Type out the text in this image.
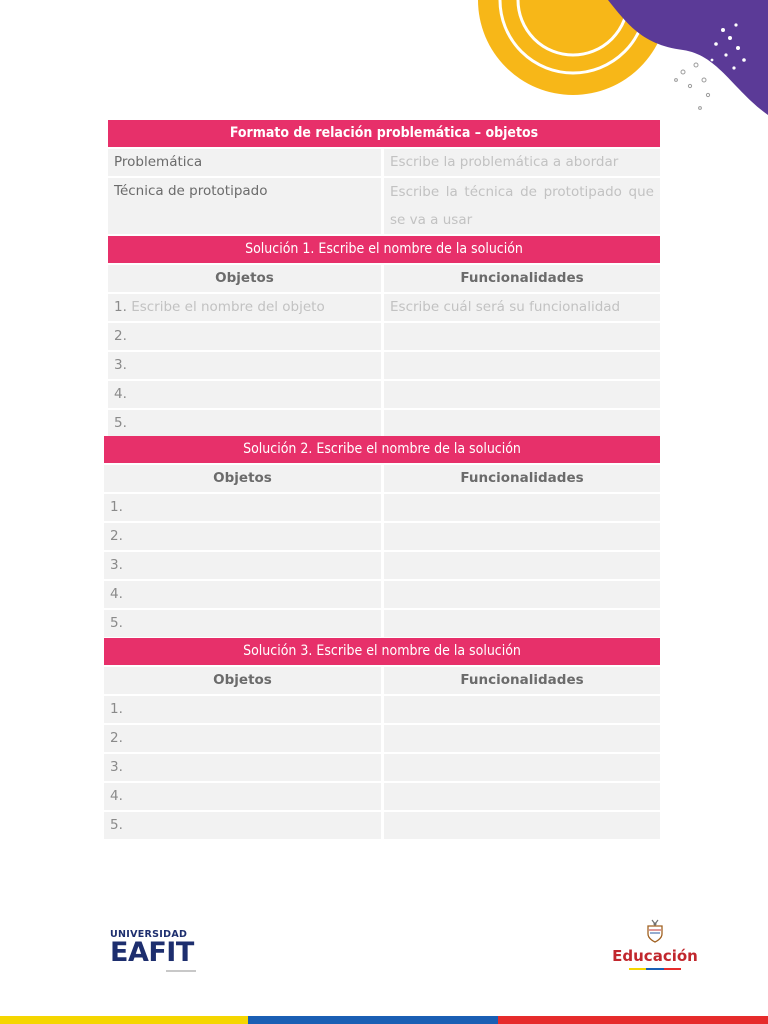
Formato de relación problemática – objetos
Problemática	Escribe la problemática a abordar
Técnica de prototipado	Escribe la técnica de prototipado que
se va a usar
Solución 1. Escribe el nombre de la solución
Objetos	Funcionalidades
1. Escribe el nombre del objeto	Escribe cuál será su funcionalidad
2.
3.
4.
5.
Solución 2. Escribe el nombre de la solución
Objetos	Funcionalidades
1.
2.
3.
4.
5.
Solución 3. Escribe el nombre de la solución
Objetos	Funcionalidades
1.
2.
3.
4.
5.
UNIVERSIDAD
EAFIT	Educación
